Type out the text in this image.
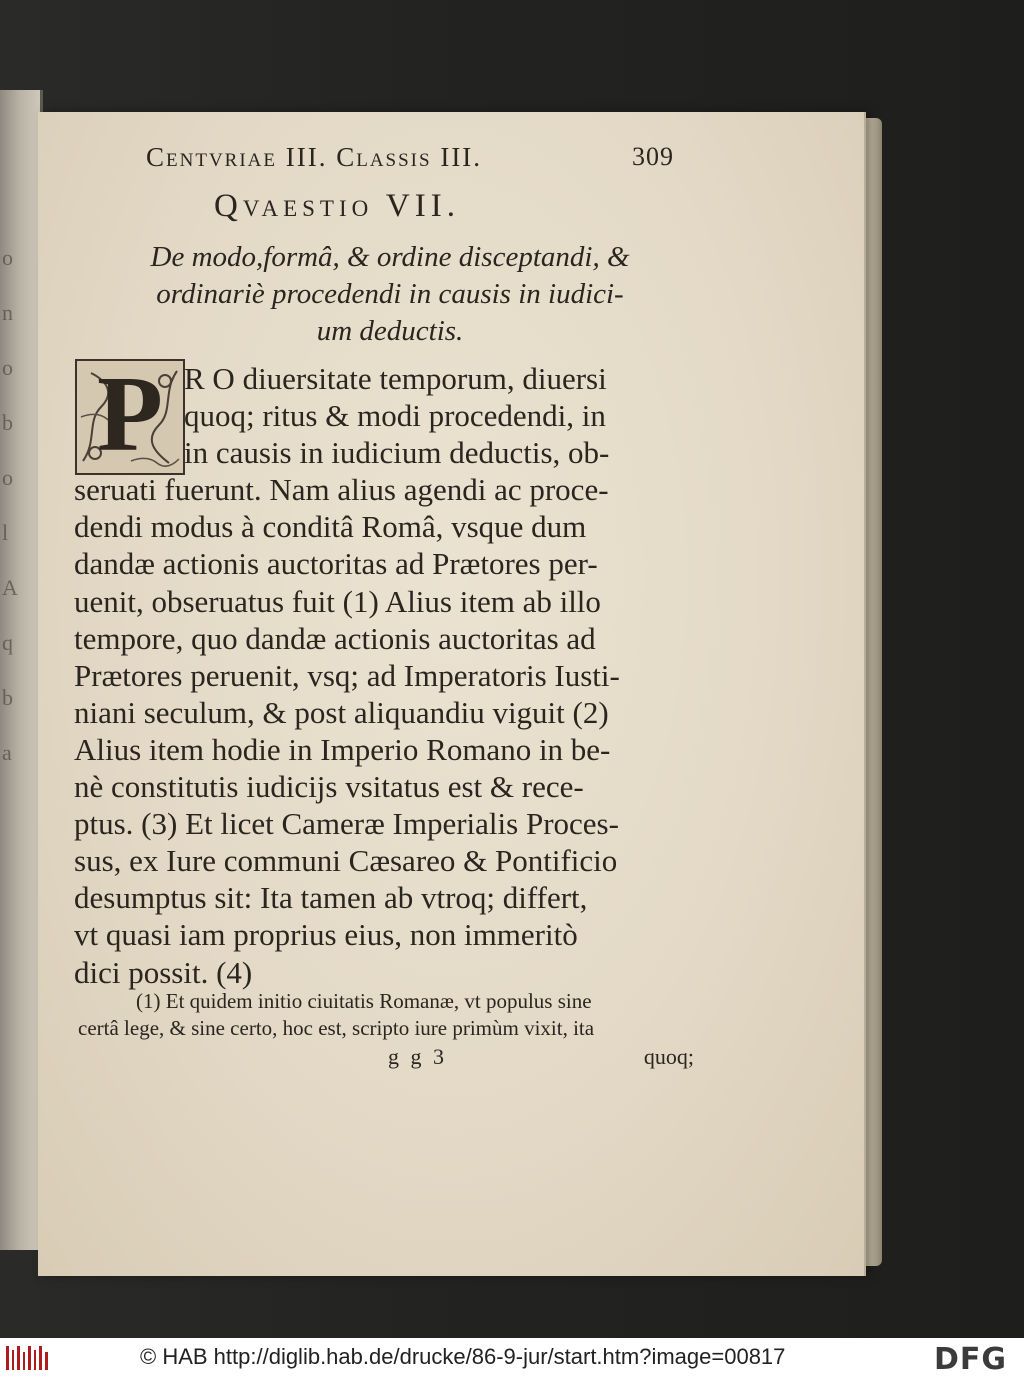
o
n
o
b
o
l
A
q
b
a
Centvriae III. Classis III.	309
Qvaestio VII.
De modo,formâ, & ordine disceptandi, &
ordinariè procedendi in causis in iudici-
um deductis.
P R O diuersitate temporum, diuersi
quoq; ritus & modi procedendi, in
in causis in iudicium deductis, ob-
seruati fuerunt. Nam alius agendi ac proce-
dendi modus à conditâ Româ, vsque dum
dandæ actionis auctoritas ad Prætores per-
uenit, obseruatus fuit (1) Alius item ab illo
tempore, quo dandæ actionis auctoritas ad
Prætores peruenit, vsq; ad Imperatoris Iusti-
niani seculum, & post aliquandiu viguit (2)
Alius item hodie in Imperio Romano in be-
nè constitutis iudicijs vsitatus est & rece-
ptus. (3) Et licet Cameræ Imperialis Proces-
sus, ex Iure communi Cæsareo & Pontificio
desumptus sit: Ita tamen ab vtroq; differt,
vt quasi iam proprius eius, non immeritò
dici possit. (4)
(1) Et quidem initio ciuitatis Romanæ, vt populus sine
certâ lege, & sine certo, hoc est, scripto iure primùm vixit, ita
g g 3	quoq;
© HAB http://diglib.hab.de/drucke/86-9-jur/start.htm?image=00817	DFG
